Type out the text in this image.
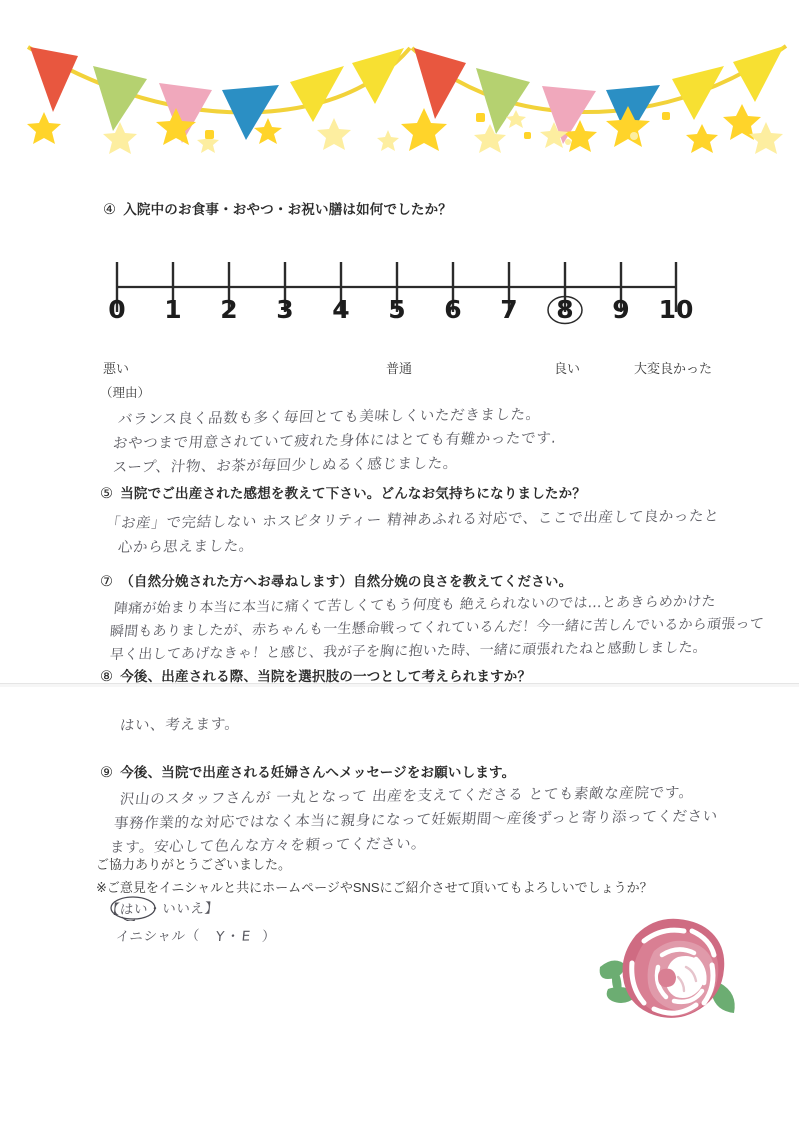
④ 入院中のお食事・おやつ・お祝い膳は如何でしたか？
0 1 2 3 4 5 6 7 8 9 10
悪い	普通	良い	大変良かった
（理由）
バランス良く品数も多く毎回とても美味しくいただきました。
おやつまで用意されていて疲れた身体にはとても有難かったです.
スープ、汁物、お茶が毎回少しぬるく感じました。
⑤ 当院でご出産された感想を教えて下さい。どんなお気持ちになりましたか？
「お産」で完結しない ホスピタリティー 精神あふれる対応で、ここで出産して良かったと
心から思えました。
⑦ （自然分娩された方へお尋ねします）自然分娩の良さを教えてください。
陣痛が始まり本当に本当に痛くて苦しくてもう何度も 絶えられないのでは…とあきらめかけた
瞬間もありましたが、赤ちゃんも一生懸命戦ってくれているんだ！今一緒に苦しんでいるから頑張って
早く出してあげなきゃ！と感じ、我が子を胸に抱いた時、一緒に頑張れたねと感動しました。
⑧ 今後、出産される際、当院を選択肢の一つとして考えられますか？
はい、考えます。
⑨ 今後、当院で出産される妊婦さんへメッセージをお願いします。
沢山のスタッフさんが 一丸となって 出産を支えてくださる とても素敵な産院です。
事務作業的な対応ではなく本当に親身になって妊娠期間〜産後ずっと寄り添ってください
ます。安心して色んな方々を頼ってください。
ご協力ありがとうございました。
※ご意見をイニシャルと共にホームページやSNSにご紹介させて頂いてもよろしいでしょうか？
【はい・いいえ】
イニシャル（ Y・E ）
